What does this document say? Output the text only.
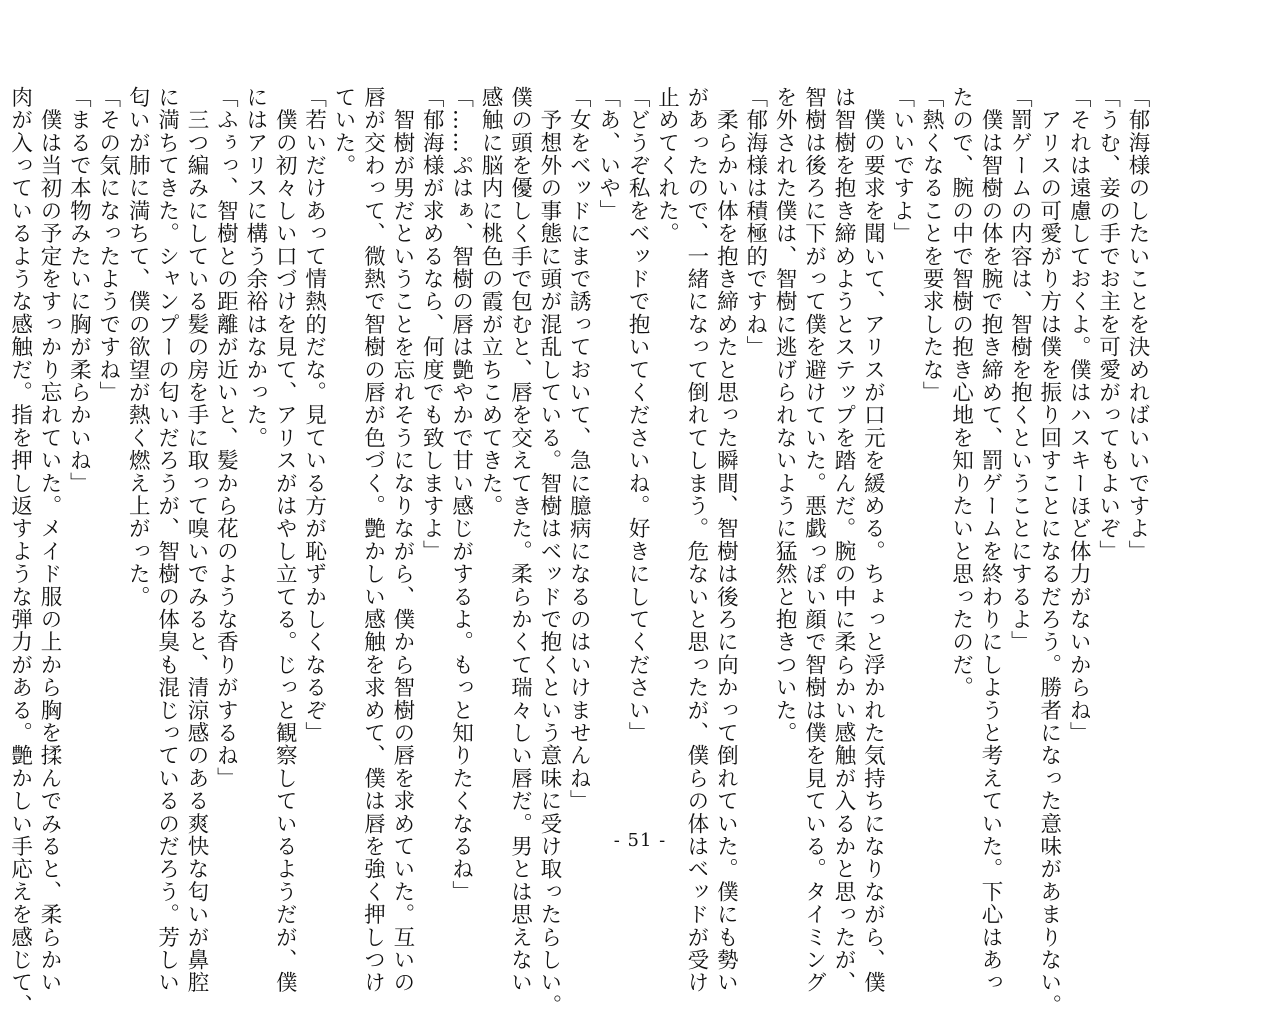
「郁海様のしたいことを決めればいいですよ」
「うむ、妾の手でお主を可愛がってもよいぞ」
「それは遠慮しておくよ。僕はハスキーほど体力がないからね」
　アリスの可愛がり方は僕を振り回すことになるだろう。勝者になった意味があまりない。
「罰ゲームの内容は、智樹を抱くということにするよ」
　僕は智樹の体を腕で抱き締めて、罰ゲームを終わりにしようと考えていた。下心はあっ
たので、腕の中で智樹の抱き心地を知りたいと思ったのだ。
「熱くなることを要求したな」
「いいですよ」
　僕の要求を聞いて、アリスが口元を緩める。ちょっと浮かれた気持ちになりながら、僕
は智樹を抱き締めようとステップを踏んだ。腕の中に柔らかい感触が入るかと思ったが、
智樹は後ろに下がって僕を避けていた。悪戯っぽい顔で智樹は僕を見ている。タイミング
を外された僕は、智樹に逃げられないように猛然と抱きついた。
「郁海様は積極的ですね」
　柔らかい体を抱き締めたと思った瞬間、智樹は後ろに向かって倒れていた。僕にも勢い
があったので、一緒になって倒れてしまう。危ないと思ったが、僕らの体はベッドが受け
止めてくれた。
「どうぞ私をベッドで抱いてくださいね。好きにしてください」
「あ、いや」
「女をベッドにまで誘っておいて、急に臆病になるのはいけませんね」
　予想外の事態に頭が混乱している。智樹はベッドで抱くという意味に受け取ったらしい。
僕の頭を優しく手で包むと、唇を交えてきた。柔らかくて瑞々しい唇だ。男とは思えない
感触に脳内に桃色の霞が立ちこめてきた。
「……ぷはぁ、智樹の唇は艶やかで甘い感じがするよ。もっと知りたくなるね」
「郁海様が求めるなら、何度でも致しますよ」
　智樹が男だということを忘れそうになりながら、僕から智樹の唇を求めていた。互いの
唇が交わって、微熱で智樹の唇が色づく。艶かしい感触を求めて、僕は唇を強く押しつけ
ていた。
「若いだけあって情熱的だな。見ている方が恥ずかしくなるぞ」
　僕の初々しい口づけを見て、アリスがはやし立てる。じっと観察しているようだが、僕
にはアリスに構う余裕はなかった。
「ふぅっ、智樹との距離が近いと、髪から花のような香りがするね」
　三つ編みにしている髪の房を手に取って嗅いでみると、清涼感のある爽快な匂いが鼻腔
に満ちてきた。シャンプーの匂いだろうが、智樹の体臭も混じっているのだろう。芳しい
匂いが肺に満ちて、僕の欲望が熱く燃え上がった。
「その気になったようですね」
「まるで本物みたいに胸が柔らかいね」
　僕は当初の予定をすっかり忘れていた。メイド服の上から胸を揉んでみると、柔らかい
肉が入っているような感触だ。指を押し返すような弾力がある。艶かしい手応えを感じて、	- 51 -
